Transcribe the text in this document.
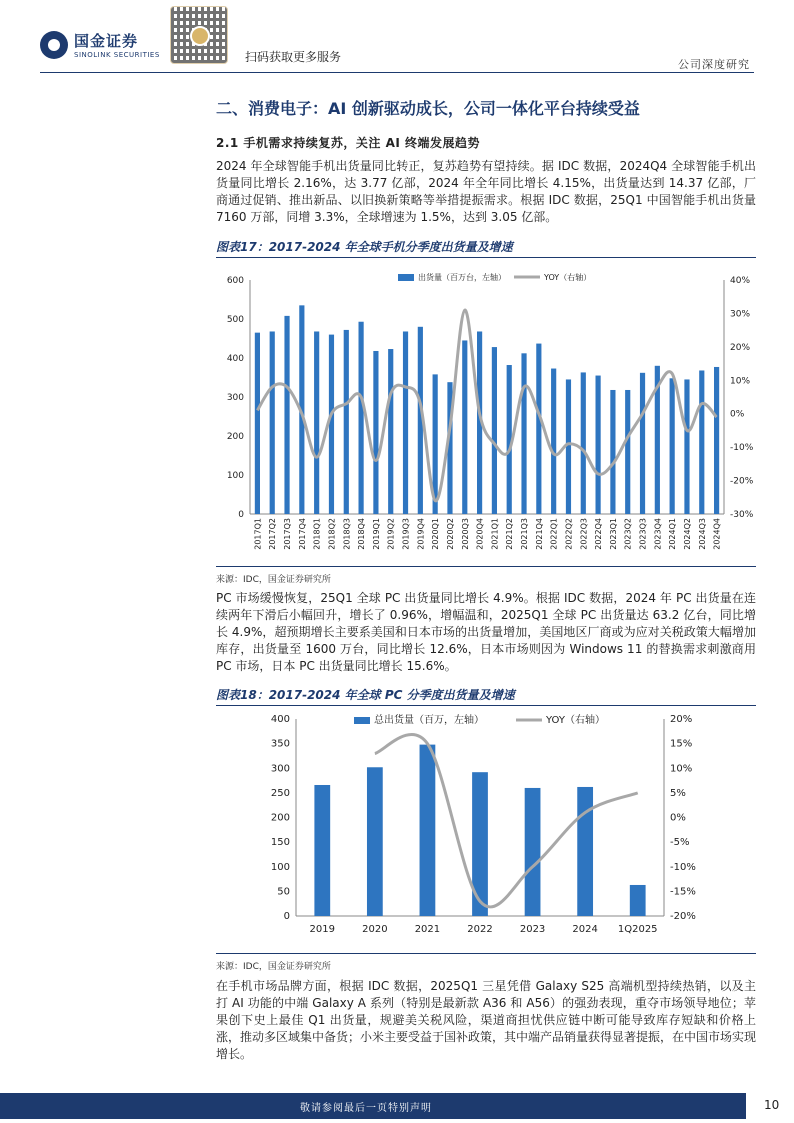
国金证券
SINOLINK SECURITIES	扫码获取更多服务
公司深度研究
二、消费电子：AI 创新驱动成长，公司一体化平台持续受益
2.1 手机需求持续复苏，关注 AI 终端发展趋势

2024 年全球智能手机出货量同比转正，复苏趋势有望持续。据 IDC 数据，2024Q4 全球智能手机出货量同比增长 2.16%，达 3.77 亿部，2024 年全年同比增长 4.15%，出货量达到 14.37 亿部，厂商通过促销、推出新品、以旧换新策略等举措提振需求。根据 IDC 数据，25Q1 中国智能手机出货量 7160 万部，同增 3.3%，全球增速为 1.5%，达到 3.05 亿部。

图表17：2017-2024 年全球手机分季度出货量及增速
出货量（百万台，左轴）	YOY（右轴）
0
100
200
300
400
500
600
-30%
-20%
-10%
0%
10%
20%
30%
40%
2017Q1 2017Q2 2017Q3 2017Q4 2018Q1 2018Q2 2018Q3 2018Q4 2019Q1 2019Q2 2019Q3 2019Q4 2020Q1 2020Q2 2020Q3 2020Q4 2021Q1 2021Q2 2021Q3 2021Q4 2022Q1 2022Q2 2022Q3 2022Q4 2023Q1 2023Q2 2023Q3 2023Q4 2024Q1 2024Q2 2024Q3 2024Q4
来源：IDC，国金证券研究所

PC 市场缓慢恢复，25Q1 全球 PC 出货量同比增长 4.9%。根据 IDC 数据，2024 年 PC 出货量在连续两年下滑后小幅回升，增长了 0.96%，增幅温和，2025Q1 全球 PC 出货量达 63.2 亿台，同比增长 4.9%，超预期增长主要系美国和日本市场的出货量增加，美国地区厂商或为应对关税政策大幅增加库存，出货量至 1600 万台，同比增长 12.6%，日本市场则因为 Windows 11 的替换需求刺激商用 PC 市场，日本 PC 出货量同比增长 15.6%。

图表18：2017-2024 年全球 PC 分季度出货量及增速
总出货量（百万，左轴）	YOY（右轴）
0
50
100
150
200
250
300
350
400
-20%
-15%
-10%
-5%
0%
5%
10%
15%
20%
2019	2020	2021	2022	2023	2024 1Q2025
来源：IDC，国金证券研究所

在手机市场品牌方面，根据 IDC 数据，2025Q1 三星凭借 Galaxy S25 高端机型持续热销，以及主打 AI 功能的中端 Galaxy A 系列（特别是最新款 A36 和 A56）的强劲表现，重夺市场领导地位；苹果创下史上最佳 Q1 出货量，规避美关税风险，渠道商担忧供应链中断可能导致库存短缺和价格上涨，推动多区域集中备货；小米主要受益于国补政策，其中端产品销量获得显著提振，在中国市场实现增长。

敬请参阅最后一页特别声明	10
